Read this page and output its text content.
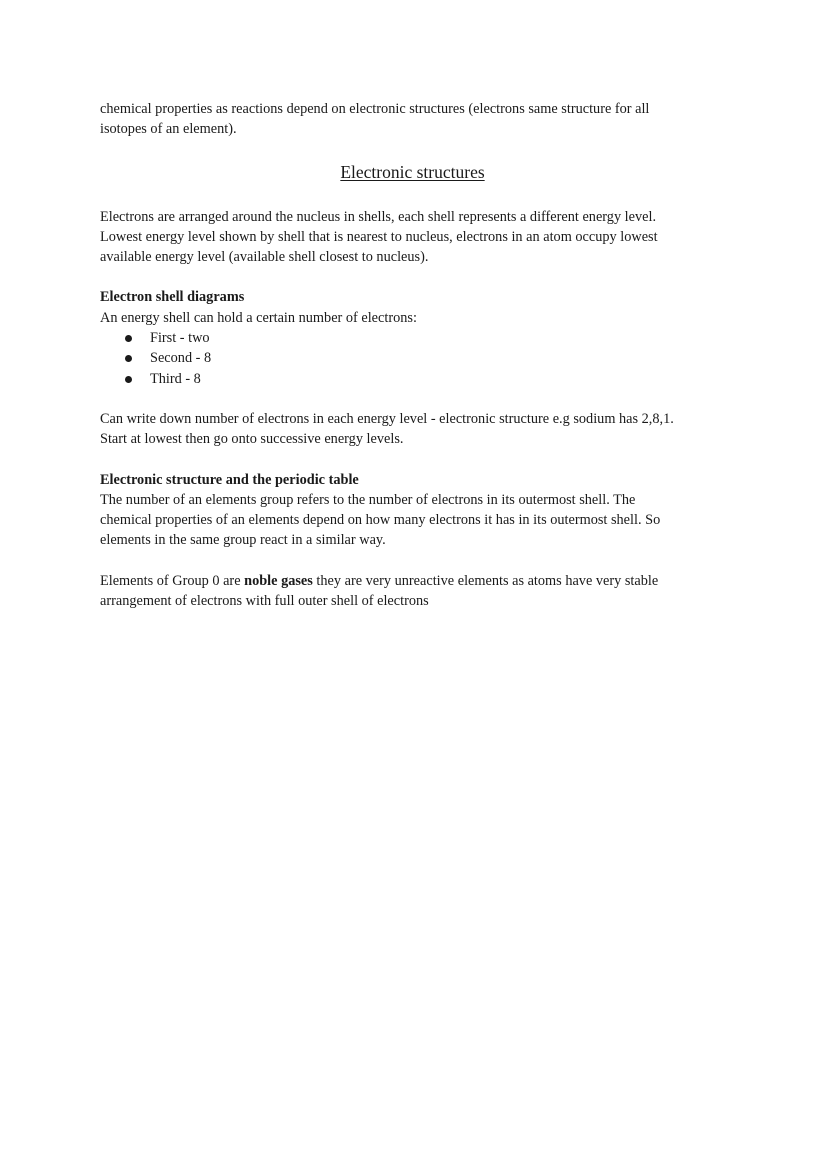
chemical properties as reactions depend on electronic structures (electrons same structure for all
isotopes of an element).

Electronic structures

Electrons are arranged around the nucleus in shells, each shell represents a different energy level.
Lowest energy level shown by shell that is nearest to nucleus, electrons in an atom occupy lowest
available energy level (available shell closest to nucleus).

Electron shell diagrams

An energy shell can hold a certain number of electrons:

First - two
Second - 8
Third - 8

Can write down number of electrons in each energy level - electronic structure e.g sodium has 2,8,1.
Start at lowest then go onto successive energy levels.

Electronic structure and the periodic table

The number of an elements group refers to the number of electrons in its outermost shell. The
chemical properties of an elements depend on how many electrons it has in its outermost shell. So
elements in the same group react in a similar way.

Elements of Group 0 are noble gases they are very unreactive elements as atoms have very stable
arrangement of electrons with full outer shell of electrons
